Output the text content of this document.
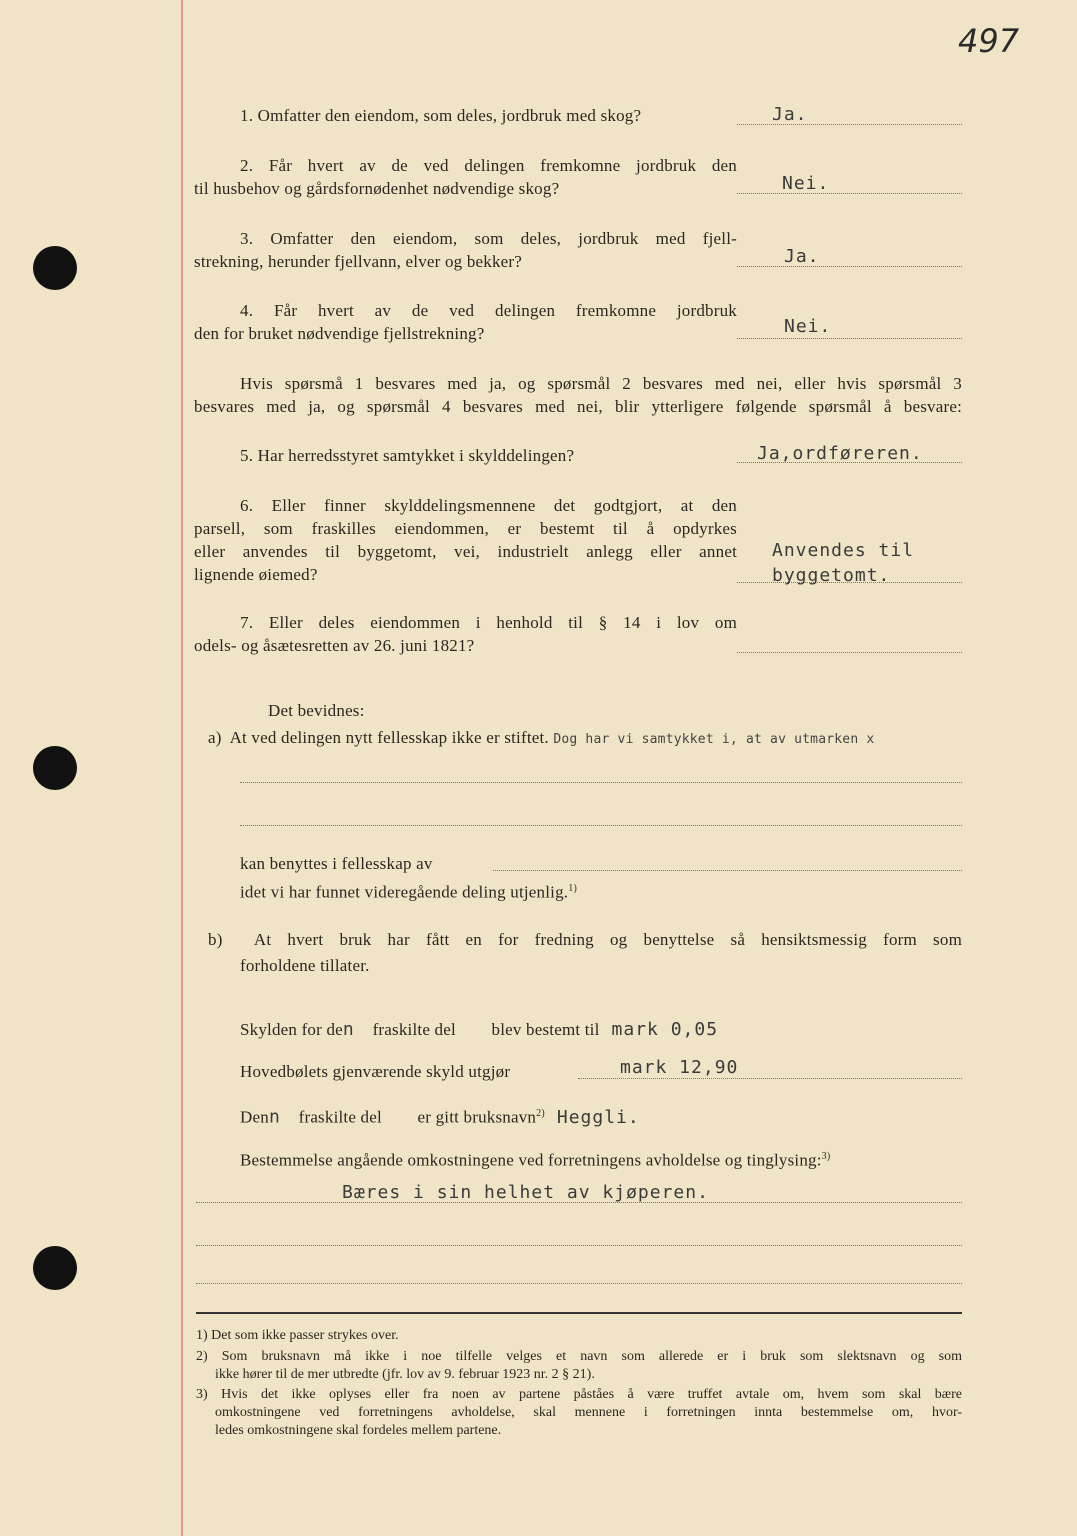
497
1. Omfatter den eiendom, som deles, jordbruk med skog?	Ja.
2. Får hvert av de ved delingen fremkomne jordbruk den
til husbehov og gårdsfornødenhet nødvendige skog?	Nei.
3. Omfatter den eiendom, som deles, jordbruk med fjell-
strekning, herunder fjellvann, elver og bekker?	Ja.
4. Får hvert av de ved delingen fremkomne jordbruk
den for bruket nødvendige fjellstrekning?	Nei.
Hvis spørsmå 1 besvares med ja, og spørsmål 2 besvares med nei, eller hvis spørsmål 3
besvares med ja, og spørsmål 4 besvares med nei, blir ytterligere følgende spørsmål å besvare:
5. Har herredsstyret samtykket i skylddelingen?	Ja,ordføreren.
6. Eller finner skylddelingsmennene det godtgjort, at den
parsell, som fraskilles eiendommen, er bestemt til å opdyrkes
eller anvendes til byggetomt, vei, industrielt anlegg eller annet
lignende øiemed?
Anvendes til
byggetomt.
7. Eller deles eiendommen i henhold til § 14 i lov om
odels- og åsætesretten av 26. juni 1821?
Det bevidnes:
a) At ved delingen nytt fellesskap ikke er stiftet. Dog har vi samtykket i, at av utmarken x
kan benyttes i fellesskap av
idet vi har funnet videregående deling utjenlig.$^{1)}$
b) At hvert bruk har fått en for fredning og benyttelse så hensiktsmessig form som
forholdene tillater.
Skylden for den fraskilte del blev bestemt til mark 0,05
Hovedbølets gjenværende skyld utgjør	mark 12,90
Denn fraskilte del er gitt bruksnavn$^{2)}$ Heggli.
Bestemmelse angående omkostningene ved forretningens avholdelse og tinglysing:$^{3)}$
Bæres i sin helhet av kjøperen.
1) Det som ikke passer strykes over.
2) Som bruksnavn må ikke i noe tilfelle velges et navn som allerede er i bruk som slektsnavn og som
ikke hører til de mer utbredte (jfr. lov av 9. februar 1923 nr. 2 § 21).
3) Hvis det ikke oplyses eller fra noen av partene påståes å være truffet avtale om, hvem som skal bære
omkostningene ved forretningens avholdelse, skal mennene i forretningen innta bestemmelse om, hvor-
ledes omkostningene skal fordeles mellem partene.
